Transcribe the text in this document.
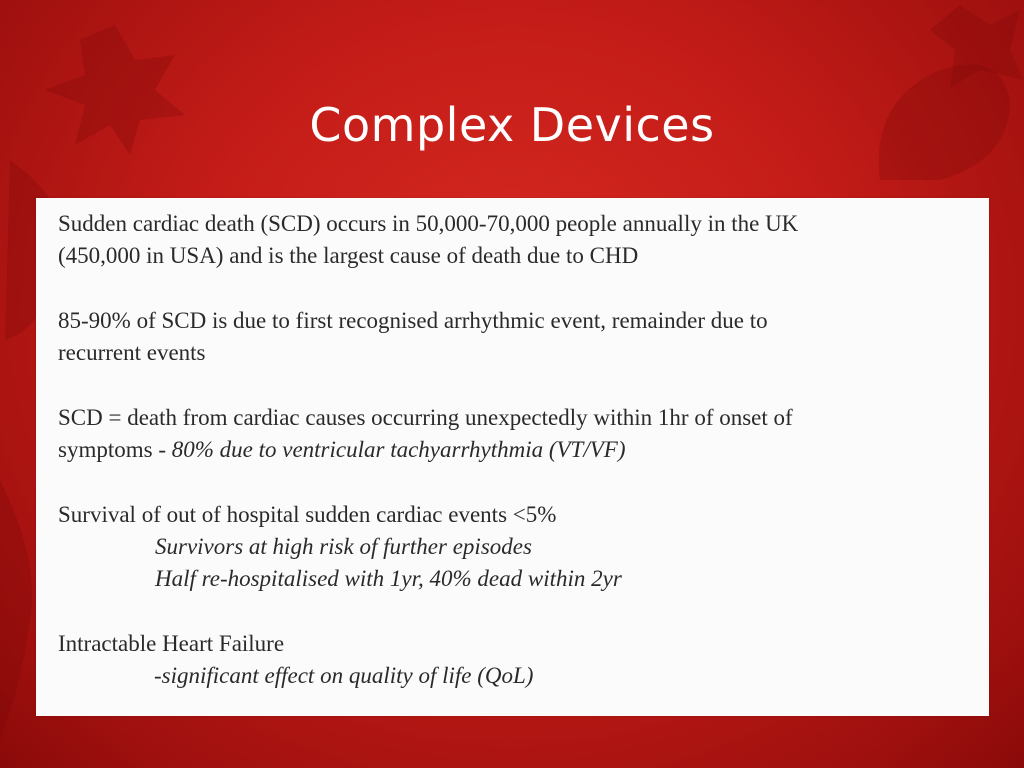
Complex Devices
Sudden cardiac death (SCD) occurs in 50,000-70,000 people annually in the UK
(450,000 in USA) and is the largest cause of death due to CHD
85-90% of SCD is due to first recognised arrhythmic event, remainder due to
recurrent events
SCD = death from cardiac causes occurring unexpectedly within 1hr of onset of
symptoms - 80% due to ventricular tachyarrhythmia (VT/VF)
Survival of out of hospital sudden cardiac events <5%
Survivors at high risk of further episodes
Half re-hospitalised with 1yr, 40% dead within 2yr
Intractable Heart Failure
-significant effect on quality of life (QoL)
